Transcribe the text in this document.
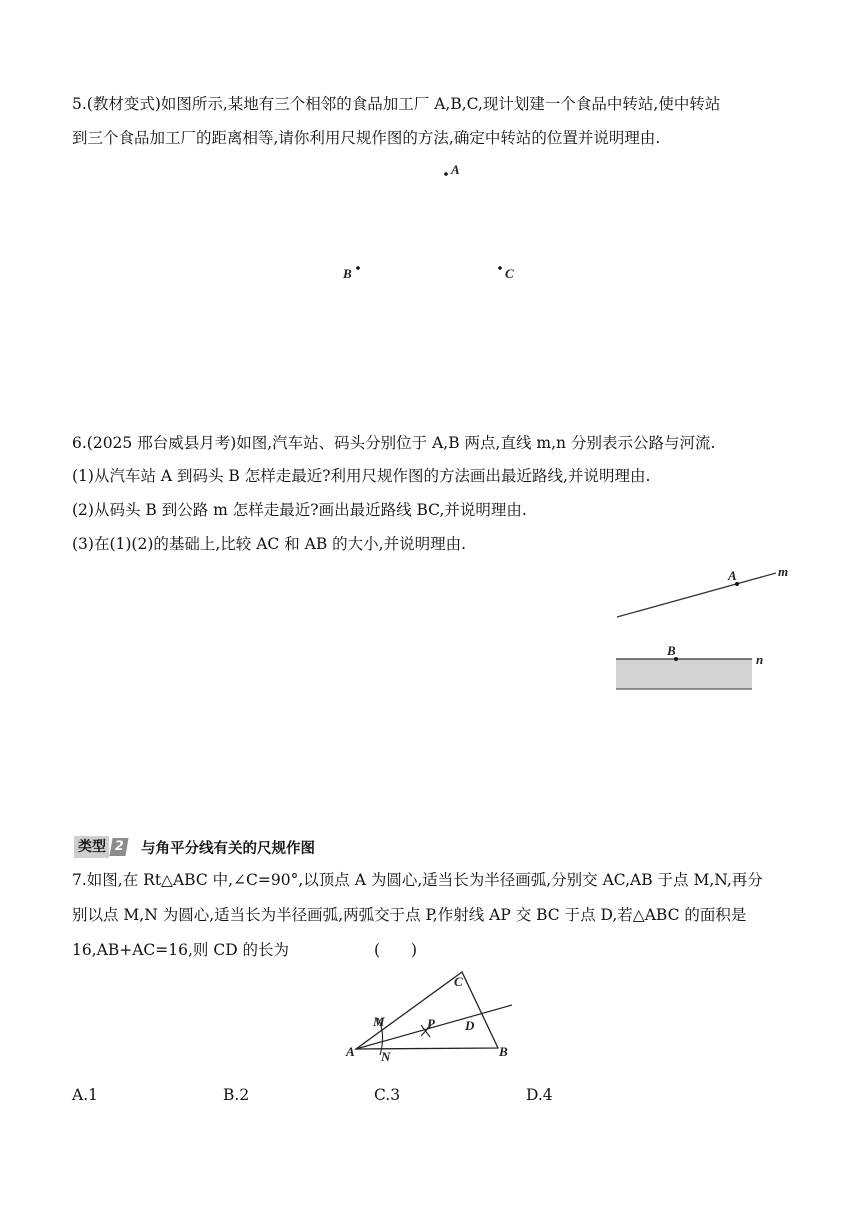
5.(教材变式)如图所示,某地有三个相邻的食品加工厂 A,B,C,现计划建一个食品中转站,使中转站
到三个食品加工厂的距离相等,请你利用尺规作图的方法,确定中转站的位置并说明理由.
A
B	C
6.(2025 邢台威县月考)如图,汽车站、码头分别位于 A,B 两点,直线 m,n 分别表示公路与河流.
(1)从汽车站 A 到码头 B 怎样走最近?利用尺规作图的方法画出最近路线,并说明理由.
(2)从码头 B 到公路 m 怎样走最近?画出最近路线 BC,并说明理由.
(3)在(1)(2)的基础上,比较 AC 和 AB 的大小,并说明理由.
m
A
n
B
类型 2 与角平分线有关的尺规作图
7.如图,在 Rt△ABC 中,∠C=90°,以顶点 A 为圆心,适当长为半径画弧,分别交 AC,AB 于点 M,N,再分
别以点 M,N 为圆心,适当长为半径画弧,两弧交于点 P,作射线 AP 交 BC 于点 D,若△ABC 的面积是
16,AB+AC=16,则 CD 的长为	(　　)
C
M	P D
A N	B
A.1	B.2	C.3	D.4
